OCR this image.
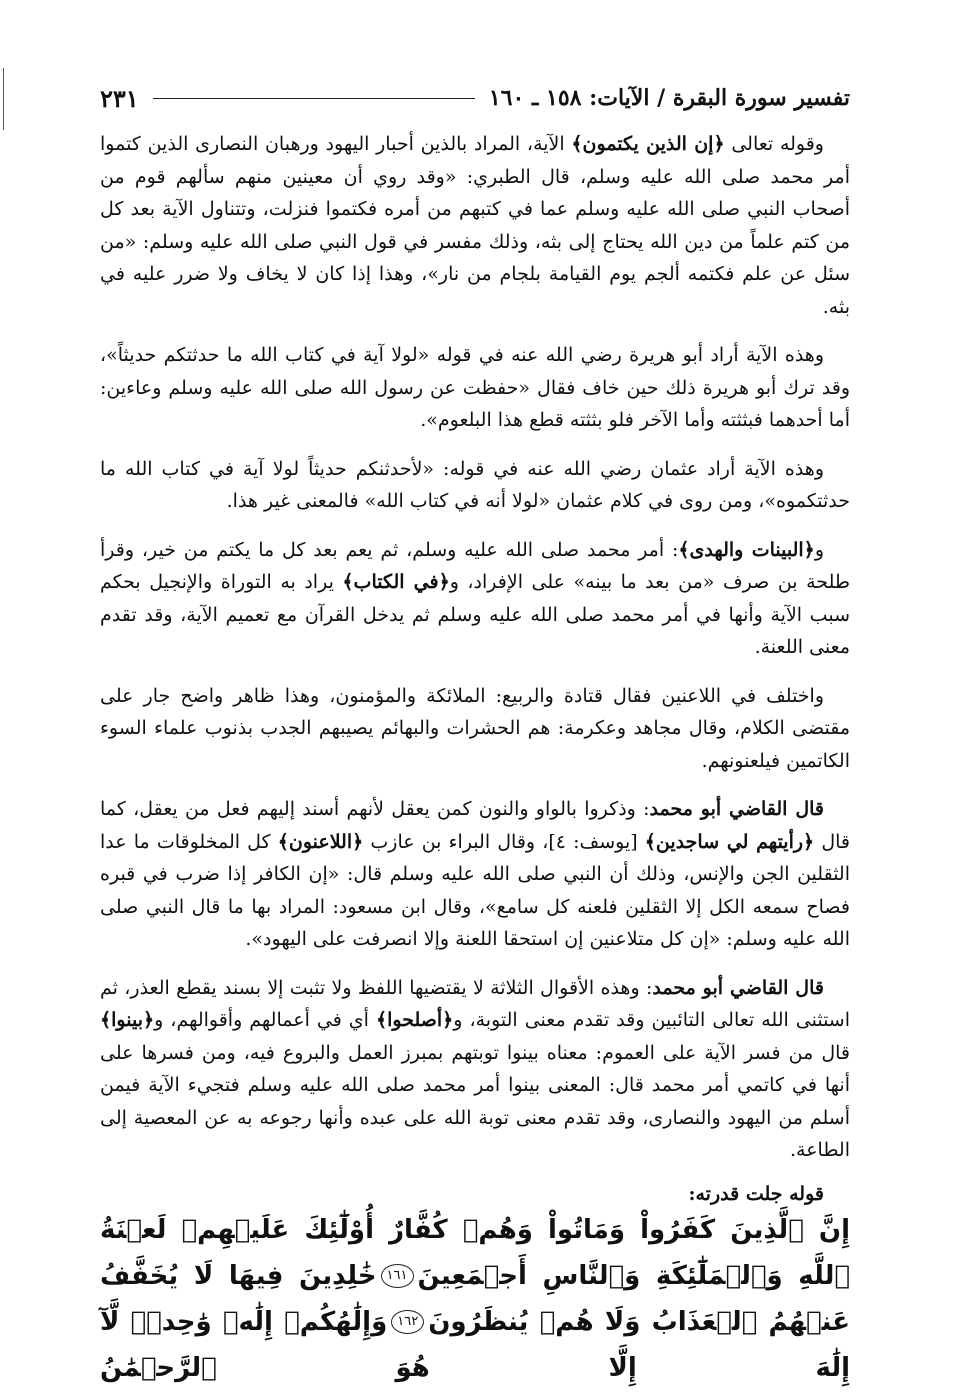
تفسير سورة البقرة / الآيات: ١٥٨ ـ ١٦٠
٢٣١

وقوله تعالى ﴿إن الذين يكتمون﴾ الآية، المراد بالذين أحبار اليهود ورهبان النصارى الذين كتموا أمر محمد صلى الله عليه وسلم، قال الطبري: «وقد روي أن معينين منهم سألهم قوم من أصحاب النبي صلى الله عليه وسلم عما في كتبهم من أمره فكتموا فنزلت، وتتناول الآية بعد كل من كتم علماً من دين الله يحتاج إلى بثه، وذلك مفسر في قول النبي صلى الله عليه وسلم: «من سئل عن علم فكتمه ألجم يوم القيامة بلجام من نار»، وهذا إذا كان لا يخاف ولا ضرر عليه في بثه.

وهذه الآية أراد أبو هريرة رضي الله عنه في قوله «لولا آية في كتاب الله ما حدثتكم حديثاً»، وقد ترك أبو هريرة ذلك حين خاف فقال «حفظت عن رسول الله صلى الله عليه وسلم وعاءين: أما أحدهما فبثثته وأما الآخر فلو بثثته قطع هذا البلعوم».

وهذه الآية أراد عثمان رضي الله عنه في قوله: «لأحدثنكم حديثاً لولا آية في كتاب الله ما حدثتكموه»، ومن روى في كلام عثمان «لولا أنه في كتاب الله» فالمعنى غير هذا.

و﴿البينات والهدى﴾: أمر محمد صلى الله عليه وسلم، ثم يعم بعد كل ما يكتم من خير، وقرأ طلحة بن صرف «من بعد ما بينه» على الإفراد، و﴿في الكتاب﴾ يراد به التوراة والإنجيل بحكم سبب الآية وأنها في أمر محمد صلى الله عليه وسلم ثم يدخل القرآن مع تعميم الآية، وقد تقدم معنى اللعنة.

واختلف في اللاعنين فقال قتادة والربيع: الملائكة والمؤمنون، وهذا ظاهر واضح جار على مقتضى الكلام، وقال مجاهد وعكرمة: هم الحشرات والبهائم يصيبهم الجدب بذنوب علماء السوء الكاتمين فيلعنونهم.

قال القاضي أبو محمد: وذكروا بالواو والنون كمن يعقل لأنهم أسند إليهم فعل من يعقل، كما قال ﴿رأيتهم لي ساجدين﴾ [يوسف: ٤]، وقال البراء بن عازب ﴿اللاعنون﴾ كل المخلوقات ما عدا الثقلين الجن والإنس، وذلك أن النبي صلى الله عليه وسلم قال: «إن الكافر إذا ضرب في قبره فصاح سمعه الكل إلا الثقلين فلعنه كل سامع»، وقال ابن مسعود: المراد بها ما قال النبي صلى الله عليه وسلم: «إن كل متلاعنين إن استحقا اللعنة وإلا انصرفت على اليهود».

قال القاضي أبو محمد: وهذه الأقوال الثلاثة لا يقتضيها اللفظ ولا تثبت إلا بسند يقطع العذر، ثم استثنى الله تعالى التائبين وقد تقدم معنى التوبة، و﴿أصلحوا﴾ أي في أعمالهم وأقوالهم، و﴿بينوا﴾ قال من فسر الآية على العموم: معناه بينوا توبتهم بمبرز العمل والبروع فيه، ومن فسرها على أنها في كاتمي أمر محمد قال: المعنى بينوا أمر محمد صلى الله عليه وسلم فتجيء الآية فيمن أسلم من اليهود والنصارى، وقد تقدم معنى توبة الله على عبده وأنها رجوعه به عن المعصية إلى الطاعة.

قوله جلت قدرته:

إِنَّ ٱلَّذِينَ كَفَرُواْ وَمَاتُواْ وَهُمۡ كُفَّارٌ أُوْلَٰٓئِكَ عَلَيۡهِمۡ لَعۡنَةُ ٱللَّهِ وَٱلۡمَلَٰٓئِكَةِ وَٱلنَّاسِ أَجۡمَعِينَ١٦١خَٰلِدِينَ فِيهَا لَا يُخَفَّفُ عَنۡهُمُ ٱلۡعَذَابُ وَلَا هُمۡ يُنظَرُونَ١٦٢وَإِلَٰهُكُمۡ إِلَٰهٞ وَٰحِدٞۖ لَّآ إِلَٰهَ إِلَّا هُوَ ٱلرَّحۡمَٰنُ
